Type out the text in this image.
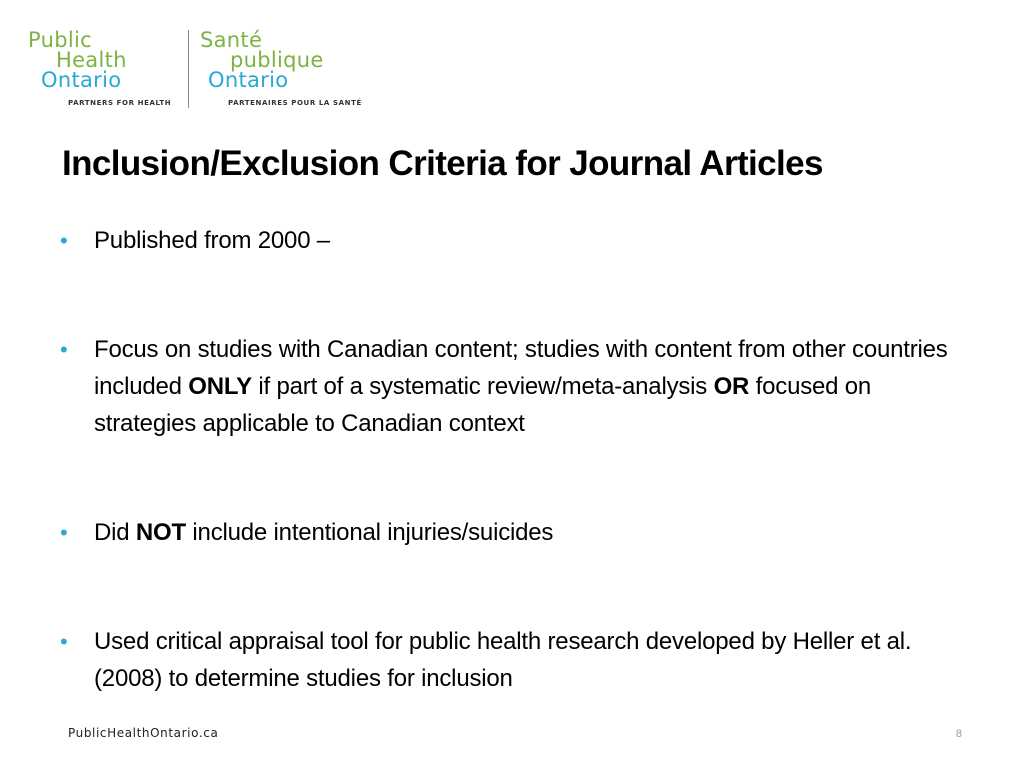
Public
Health
Ontario
PARTNERS FOR HEALTH
Santé
publique
Ontario
PARTENAIRES POUR LA SANTÉ
Inclusion/Exclusion Criteria for Journal Articles
• Published from 2000 –
• Focus on studies with Canadian content; studies with content from other countries included ONLY if part of a systematic review/meta-analysis OR focused on strategies applicable to Canadian context
• Did NOT include intentional injuries/suicides
• Used critical appraisal tool for public health research developed by Heller et al. (2008) to determine studies for inclusion
PublicHealthOntario.ca	8
